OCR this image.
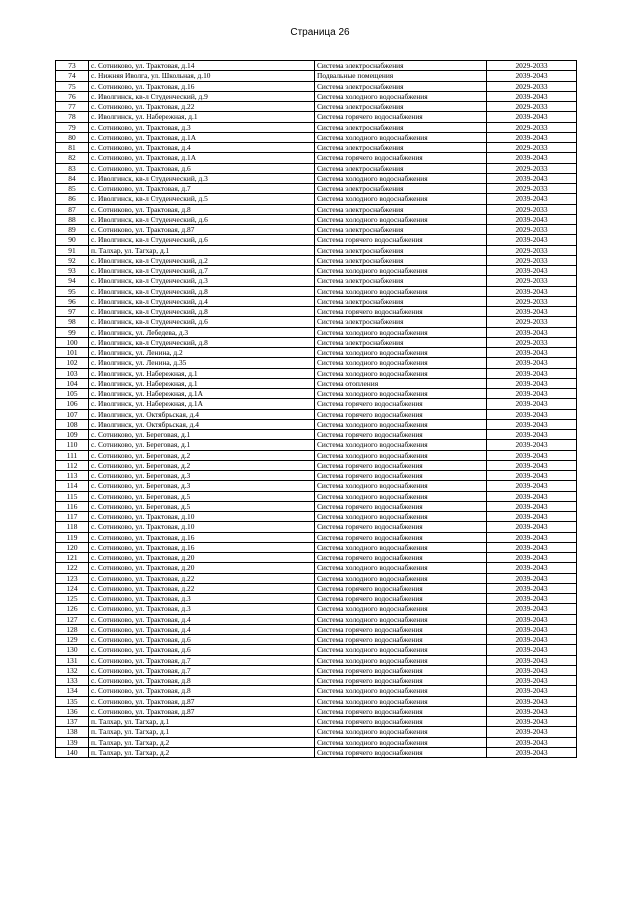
Страница 26
73	с. Сотниково, ул. Трактовая, д.14	Система электроснабжения	2029-2033
74	с. Нижняя Иволга, ул. Школьная, д.10	Подвальные помещения	2039-2043
75	с. Сотниково, ул. Трактовая, д.16	Система электроснабжения	2029-2033
76	с. Иволгинск, кв-л Студенческий, д.9	Система холодного водоснабжения	2039-2043
77	с. Сотниково, ул. Трактовая, д.22	Система электроснабжения	2029-2033
78	с. Иволгинск, ул. Набережная, д.1	Система горячего водоснабжения	2039-2043
79	с. Сотниково, ул. Трактовая, д.3	Система электроснабжения	2029-2033
80	с. Сотниково, ул. Трактовая, д.1А	Система холодного водоснабжения	2039-2043
81	с. Сотниково, ул. Трактовая, д.4	Система электроснабжения	2029-2033
82	с. Сотниково, ул. Трактовая, д.1А	Система горячего водоснабжения	2039-2043
83	с. Сотниково, ул. Трактовая, д.6	Система электроснабжения	2029-2033
84	с. Иволгинск, кв-л Студенческий, д.3	Система холодного водоснабжения	2039-2043
85	с. Сотниково, ул. Трактовая, д.7	Система электроснабжения	2029-2033
86	с. Иволгинск, кв-л Студенческий, д.5	Система холодного водоснабжения	2039-2043
87	с. Сотниково, ул. Трактовая, д.8	Система электроснабжения	2029-2033
88	с. Иволгинск, кв-л Студенческий, д.6	Система холодного водоснабжения	2039-2043
89	с. Сотниково, ул. Трактовая, д.87	Система электроснабжения	2029-2033
90	с. Иволгинск, кв-л Студенческий, д.6	Система горячего водоснабжения	2039-2043
91	п. Талхар, ул. Тагхар, д.1	Система электроснабжения	2029-2033
92	с. Иволгинск, кв-л Студенческий, д.2	Система электроснабжения	2029-2033
93	с. Иволгинск, кв-л Студенческий, д.7	Система холодного водоснабжения	2039-2043
94	с. Иволгинск, кв-л Студенческий, д.3	Система электроснабжения	2029-2033
95	с. Иволгинск, кв-л Студенческий, д.8	Система холодного водоснабжения	2039-2043
96	с. Иволгинск, кв-л Студенческий, д.4	Система электроснабжения	2029-2033
97	с. Иволгинск, кв-л Студенческий, д.8	Система горячего водоснабжения	2039-2043
98	с. Иволгинск, кв-л Студенческий, д.6	Система электроснабжения	2029-2033
99	с. Иволгинск, ул. Лебедева, д.3	Система холодного водоснабжения	2039-2043
100	с. Иволгинск, кв-л Студенческий, д.8	Система электроснабжения	2029-2033
101	с. Иволгинск, ул. Ленина, д.2	Система холодного водоснабжения	2039-2043
102	с. Иволгинск, ул. Ленина, д.35	Система холодного водоснабжения	2039-2043
103	с. Иволгинск, ул. Набережная, д.1	Система холодного водоснабжения	2039-2043
104	с. Иволгинск, ул. Набережная, д.1	Система отопления	2039-2043
105	с. Иволгинск, ул. Набережная, д.1А	Система холодного водоснабжения	2039-2043
106	с. Иволгинск, ул. Набережная, д.1А	Система горячего водоснабжения	2039-2043
107	с. Иволгинск, ул. Октябрьская, д.4	Система горячего водоснабжения	2039-2043
108	с. Иволгинск, ул. Октябрьская, д.4	Система холодного водоснабжения	2039-2043
109	с. Сотниково, ул. Береговая, д.1	Система горячего водоснабжения	2039-2043
110	с. Сотниково, ул. Береговая, д.1	Система холодного водоснабжения	2039-2043
111	с. Сотниково, ул. Береговая, д.2	Система холодного водоснабжения	2039-2043
112	с. Сотниково, ул. Береговая, д.2	Система горячего водоснабжения	2039-2043
113	с. Сотниково, ул. Береговая, д.3	Система горячего водоснабжения	2039-2043
114	с. Сотниково, ул. Береговая, д.3	Система холодного водоснабжения	2039-2043
115	с. Сотниково, ул. Береговая, д.5	Система холодного водоснабжения	2039-2043
116	с. Сотниково, ул. Береговая, д.5	Система горячего водоснабжения	2039-2043
117	с. Сотниково, ул. Трактовая, д.10	Система холодного водоснабжения	2039-2043
118	с. Сотниково, ул. Трактовая, д.10	Система горячего водоснабжения	2039-2043
119	с. Сотниково, ул. Трактовая, д.16	Система горячего водоснабжения	2039-2043
120	с. Сотниково, ул. Трактовая, д.16	Система холодного водоснабжения	2039-2043
121	с. Сотниково, ул. Трактовая, д.20	Система горячего водоснабжения	2039-2043
122	с. Сотниково, ул. Трактовая, д.20	Система холодного водоснабжения	2039-2043
123	с. Сотниково, ул. Трактовая, д.22	Система холодного водоснабжения	2039-2043
124	с. Сотниково, ул. Трактовая, д.22	Система горячего водоснабжения	2039-2043
125	с. Сотниково, ул. Трактовая, д.3	Система горячего водоснабжения	2039-2043
126	с. Сотниково, ул. Трактовая, д.3	Система холодного водоснабжения	2039-2043
127	с. Сотниково, ул. Трактовая, д.4	Система холодного водоснабжения	2039-2043
128	с. Сотниково, ул. Трактовая, д.4	Система горячего водоснабжения	2039-2043
129	с. Сотниково, ул. Трактовая, д.6	Система горячего водоснабжения	2039-2043
130	с. Сотниково, ул. Трактовая, д.6	Система холодного водоснабжения	2039-2043
131	с. Сотниково, ул. Трактовая, д.7	Система холодного водоснабжения	2039-2043
132	с. Сотниково, ул. Трактовая, д.7	Система горячего водоснабжения	2039-2043
133	с. Сотниково, ул. Трактовая, д.8	Система горячего водоснабжения	2039-2043
134	с. Сотниково, ул. Трактовая, д.8	Система холодного водоснабжения	2039-2043
135	с. Сотниково, ул. Трактовая, д.87	Система холодного водоснабжения	2039-2043
136	с. Сотниково, ул. Трактовая, д.87	Система горячего водоснабжения	2039-2043
137	п. Талхар, ул. Тагхар, д.1	Система горячего водоснабжения	2039-2043
138	п. Талхар, ул. Тагхар, д.1	Система холодного водоснабжения	2039-2043
139	п. Талхар, ул. Тагхар, д.2	Система холодного водоснабжения	2039-2043
140	п. Талхар, ул. Тагхар, д.2	Система горячего водоснабжения	2039-2043
